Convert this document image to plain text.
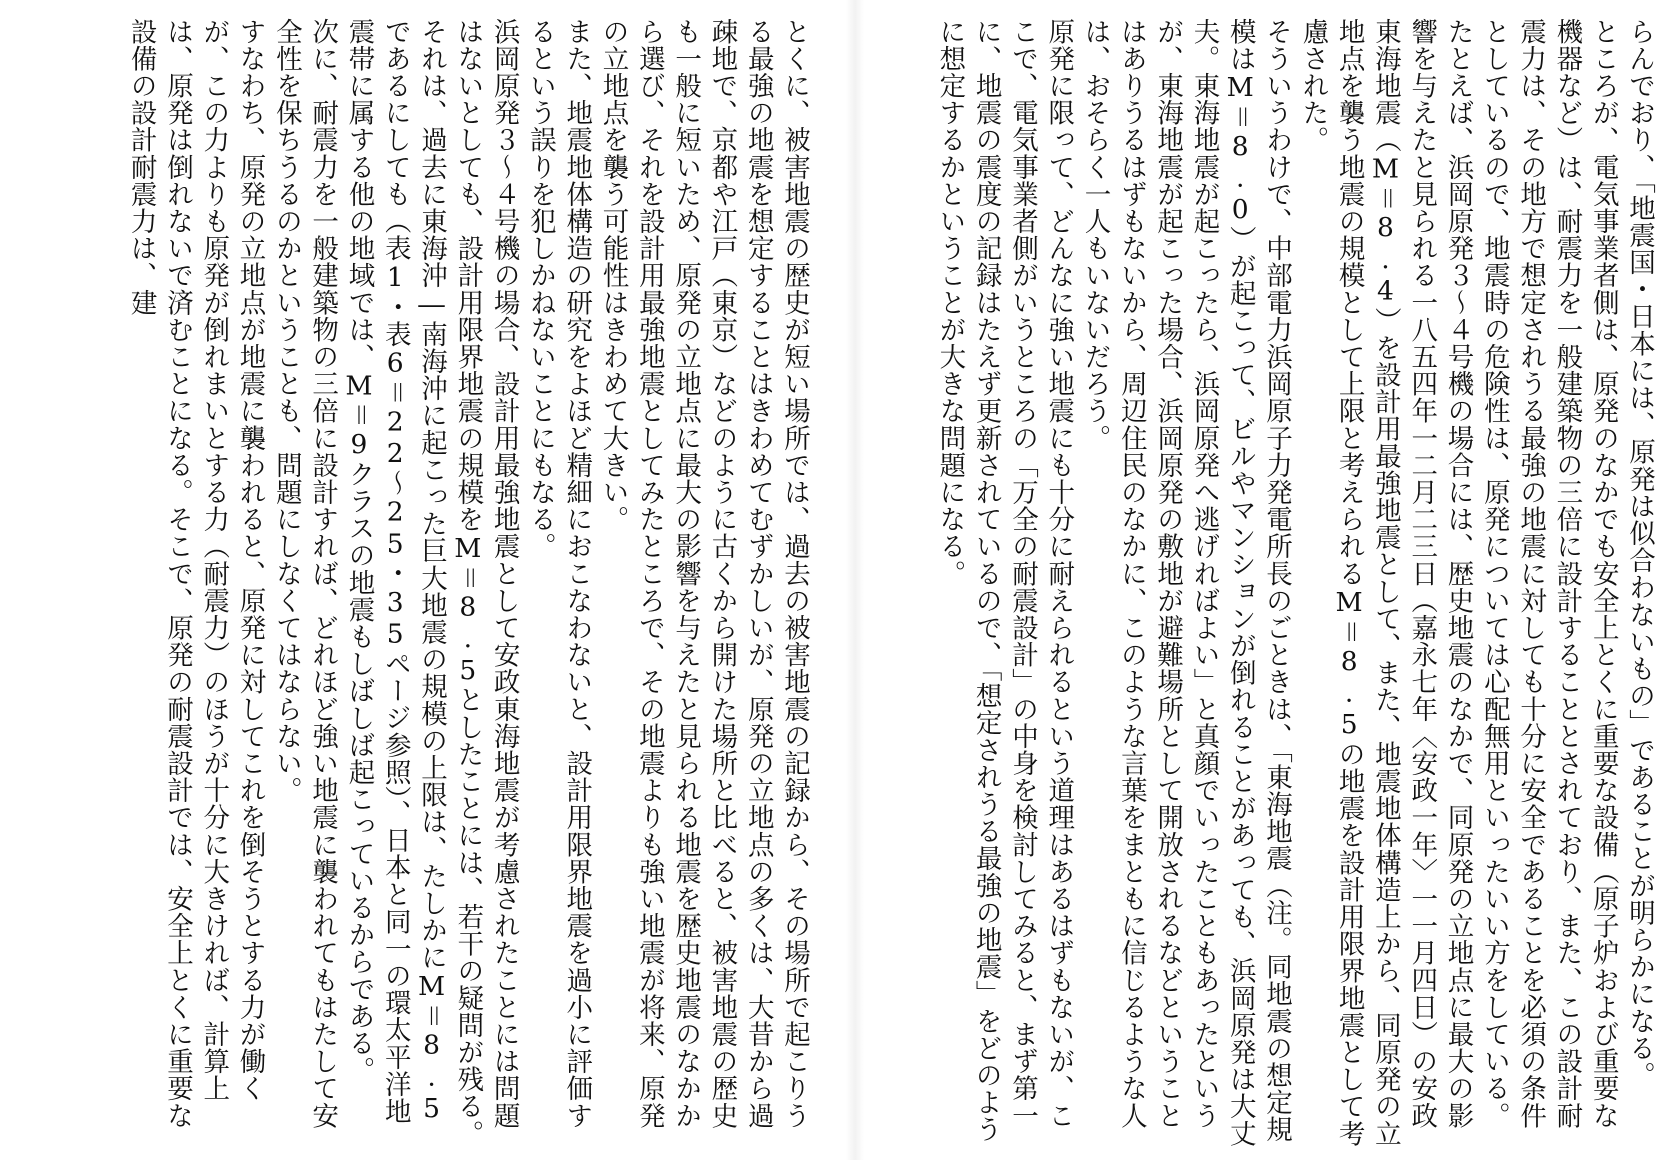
らんでおり、「地震国・日本には、原発は似合わないもの」であることが明らかになる。

ところが、電気事業者側は、原発のなかでも安全上とくに重要な設備（原子炉および重要な機器など）は、耐震力を一般建築物の三倍に設計することとされており、また、この設計耐震力は、その地方で想定されうる最強の地震に対しても十分に安全であることを必須の条件としているので、地震時の危険性は、原発については心配無用といったいい方をしている。

たとえば、浜岡原発３～４号機の場合には、歴史地震のなかで、同原発の立地点に最大の影響を与えたと見られる一八五四年一二月二三日（嘉永七年〈安政一年〉一一月四日）の安政東海地震（M＝8.4）を設計用最強地震として、また、地震地体構造上から、同原発の立地点を襲う地震の規模として上限と考えられるM＝8.5の地震を設計用限界地震として考慮された。

そういうわけで、中部電力浜岡原子力発電所長のごときは、「東海地震（注。同地震の想定規模はM＝8.0）が起こって、ビルやマンションが倒れることがあっても、浜岡原発は大丈夫。東海地震が起こったら、浜岡原発へ逃げればよい」と真顔でいったこともあったというが、東海地震が起こった場合、浜岡原発の敷地が避難場所として開放されるなどということはありうるはずもないから、周辺住民のなかに、このような言葉をまともに信じるような人は、おそらく一人もいないだろう。

原発に限って、どんなに強い地震にも十分に耐えられるという道理はあるはずもないが、ここで、電気事業者側がいうところの「万全の耐震設計」の中身を検討してみると、まず第一に、地震の震度の記録はたえず更新されているので、「想定されうる最強の地震」をどのように想定するかということが大きな問題になる。

とくに、被害地震の歴史が短い場所では、過去の被害地震の記録から、その場所で起こりうる最強の地震を想定することはきわめてむずかしいが、原発の立地点の多くは、大昔から過疎地で、京都や江戸（東京）などのように古くから開けた場所と比べると、被害地震の歴史も一般に短いため、原発の立地点に最大の影響を与えたと見られる地震を歴史地震のなかから選び、それを設計用最強地震としてみたところで、その地震よりも強い地震が将来、原発の立地点を襲う可能性はきわめて大きい。

また、地震地体構造の研究をよほど精細におこなわないと、設計用限界地震を過小に評価するという誤りを犯しかねないことにもなる。

浜岡原発３～４号機の場合、設計用最強地震として安政東海地震が考慮されたことには問題はないとしても、設計用限界地震の規模をM＝8.5としたことには、若干の疑問が残る。それは、過去に東海沖―南海沖に起こった巨大地震の規模の上限は、たしかにM＝8.5であるにしても（表1・表6＝22～25・35ページ参照）、日本と同一の環太平洋地震帯に属する他の地域では、M＝9クラスの地震もしばしば起こっているからである。

次に、耐震力を一般建築物の三倍に設計すれば、どれほど強い地震に襲われてもはたして安全性を保ちうるのかということも、問題にしなくてはならない。

すなわち、原発の立地点が地震に襲われると、原発に対してこれを倒そうとする力が働くが、この力よりも原発が倒れまいとする力（耐震力）のほうが十分に大きければ、計算上は、原発は倒れないで済むことになる。そこで、原発の耐震設計では、安全上とくに重要な設備の設計耐震力は、建
